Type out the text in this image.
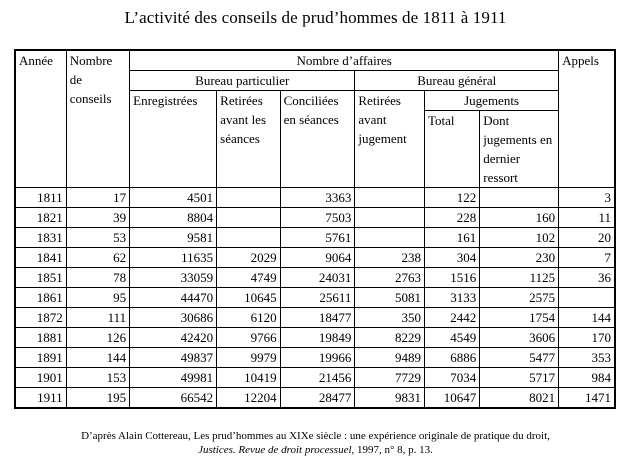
L’activité des conseils de prud’hommes de 1811 à 1911
Année	Nombre de conseils	Nombre d’affaires						Appels
		Bureau particulier			Bureau général			
		Enregistrées	Retirées avant les séances	Conciliées en séances	Retirées avant jugement	Jugements		
						Total	Dont jugements en dernier ressort	
1811	17	4501		3363		122		3
1821	39	8804		7503		228	160	11
1831	53	9581		5761		161	102	20
1841	62	11635	2029	9064	238	304	230	7
1851	78	33059	4749	24031	2763	1516	1125	36
1861	95	44470	10645	25611	5081	3133	2575	
1872	111	30686	6120	18477	350	2442	1754	144
1881	126	42420	9766	19849	8229	4549	3606	170
1891	144	49837	9979	19966	9489	6886	5477	353
1901	153	49981	10419	21456	7729	7034	5717	984
1911	195	66542	12204	28477	9831	10647	8021	1471
D’après Alain Cottereau, Les prud’hommes au XIXe siècle : une expérience originale de pratique du droit,
Justices. Revue de droit processuel, 1997, n° 8, p. 13.
